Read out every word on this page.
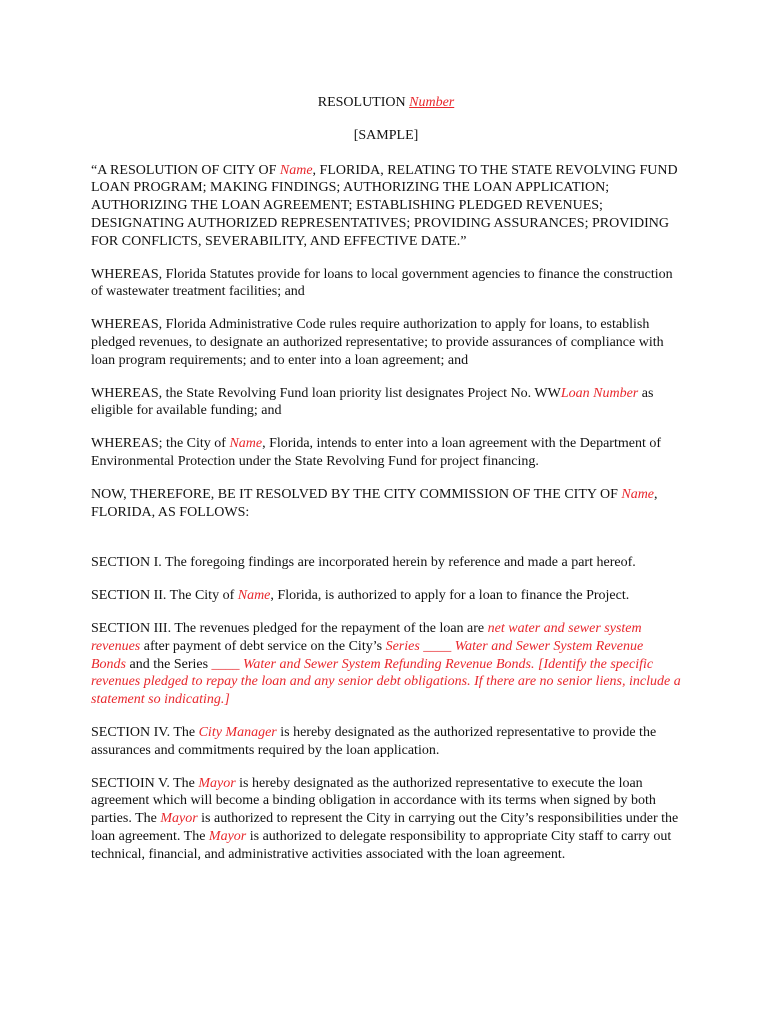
RESOLUTION Number

[SAMPLE]

“A RESOLUTION OF CITY OF Name, FLORIDA, RELATING TO THE STATE REVOLVING FUND LOAN PROGRAM; MAKING FINDINGS; AUTHORIZING THE LOAN APPLICATION; AUTHORIZING THE LOAN AGREEMENT; ESTABLISHING PLEDGED REVENUES; DESIGNATING AUTHORIZED REPRESENTATIVES; PROVIDING ASSURANCES; PROVIDING FOR CONFLICTS, SEVERABILITY, AND EFFECTIVE DATE.”

WHEREAS, Florida Statutes provide for loans to local government agencies to finance the construction of wastewater treatment facilities; and

WHEREAS, Florida Administrative Code rules require authorization to apply for loans, to establish pledged revenues, to designate an authorized representative; to provide assurances of compliance with loan program requirements; and to enter into a loan agreement; and

WHEREAS, the State Revolving Fund loan priority list designates Project No. WWLoan Number as eligible for available funding; and

WHEREAS; the City of Name, Florida, intends to enter into a loan agreement with the Department of Environmental Protection under the State Revolving Fund for project financing.

NOW, THEREFORE, BE IT RESOLVED BY THE CITY COMMISSION OF THE CITY OF Name, FLORIDA, AS FOLLOWS:

SECTION I. The foregoing findings are incorporated herein by reference and made a part hereof.

SECTION II. The City of Name, Florida, is authorized to apply for a loan to finance the Project.

SECTION III. The revenues pledged for the repayment of the loan are net water and sewer system revenues after payment of debt service on the City’s Series ____ Water and Sewer System Revenue Bonds and the Series ____ Water and Sewer System Refunding Revenue Bonds. [Identify the specific revenues pledged to repay the loan and any senior debt obligations. If there are no senior liens, include a statement so indicating.]

SECTION IV. The City Manager is hereby designated as the authorized representative to provide the assurances and commitments required by the loan application.

SECTIOIN V. The Mayor is hereby designated as the authorized representative to execute the loan agreement which will become a binding obligation in accordance with its terms when signed by both parties. The Mayor is authorized to represent the City in carrying out the City’s responsibilities under the loan agreement. The Mayor is authorized to delegate responsibility to appropriate City staff to carry out technical, financial, and administrative activities associated with the loan agreement.
